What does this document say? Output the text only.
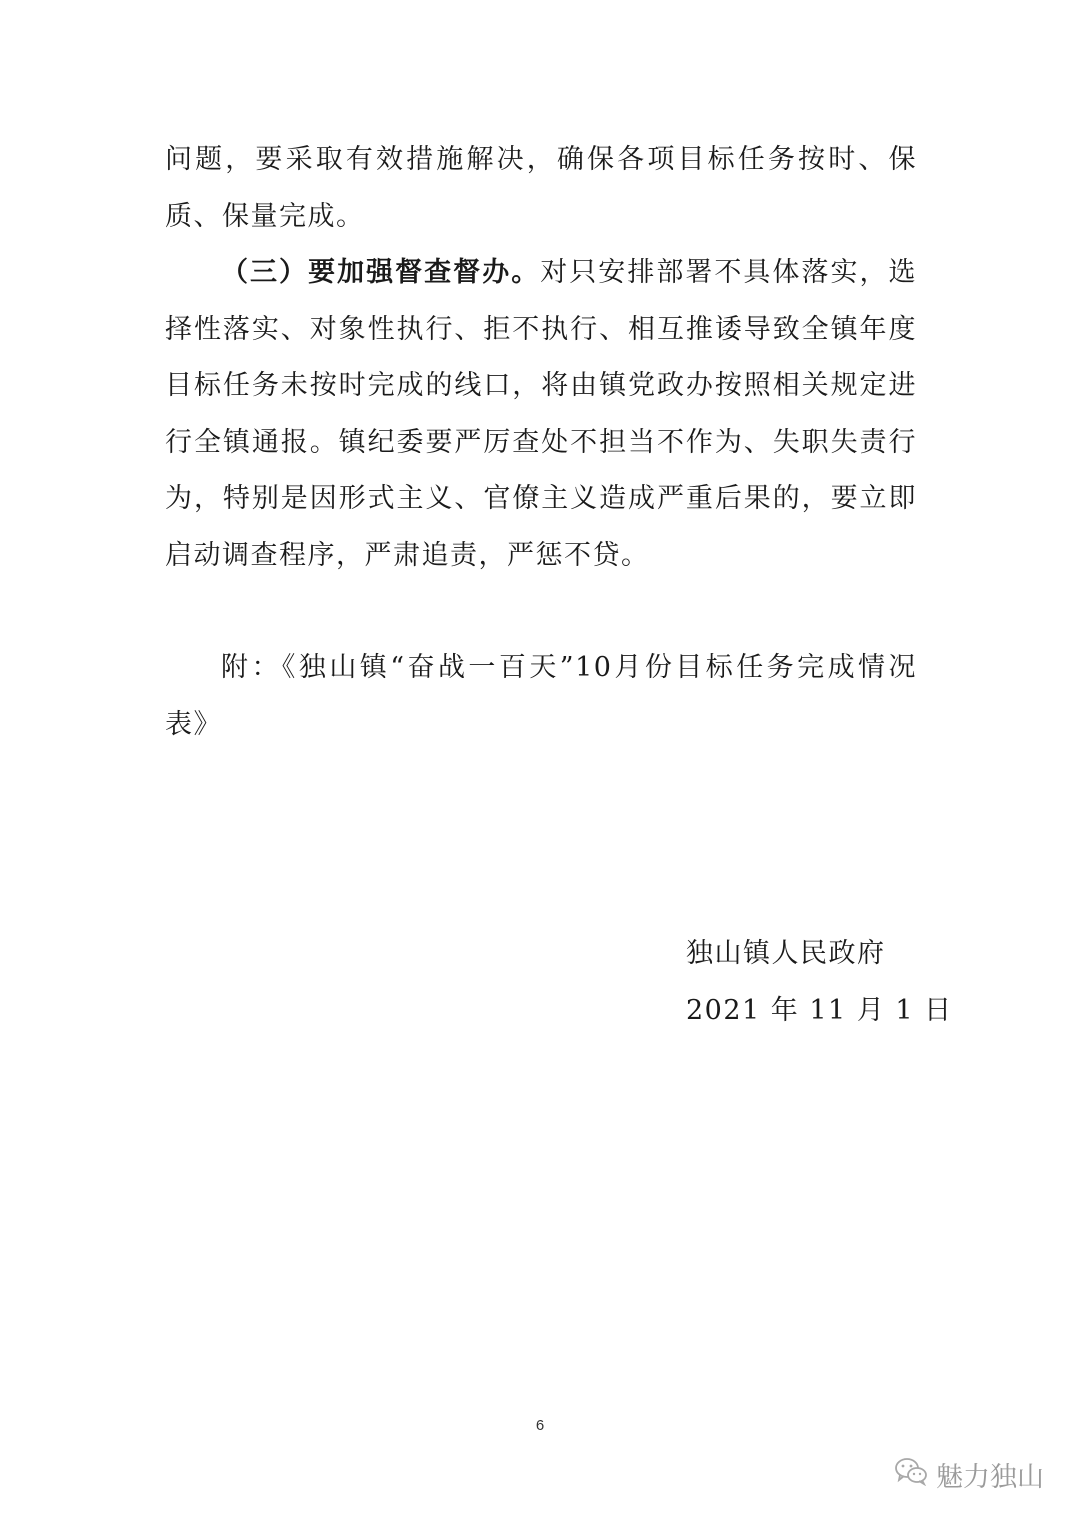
问题，要采取有效措施解决，确保各项目标任务按时、保质、保量完成。

（三）要加强督查督办。对只安排部署不具体落实，选择性落实、对象性执行、拒不执行、相互推诿导致全镇年度目标任务未按时完成的线口，将由镇党政办按照相关规定进行全镇通报。镇纪委要严厉查处不担当不作为、失职失责行为，特别是因形式主义、官僚主义造成严重后果的，要立即启动调查程序，严肃追责，严惩不贷。

附：《独山镇“奋战一百天”10月份目标任务完成情况表》

独山镇人民政府
2021 年 11 月 1 日
6
魅力独山
